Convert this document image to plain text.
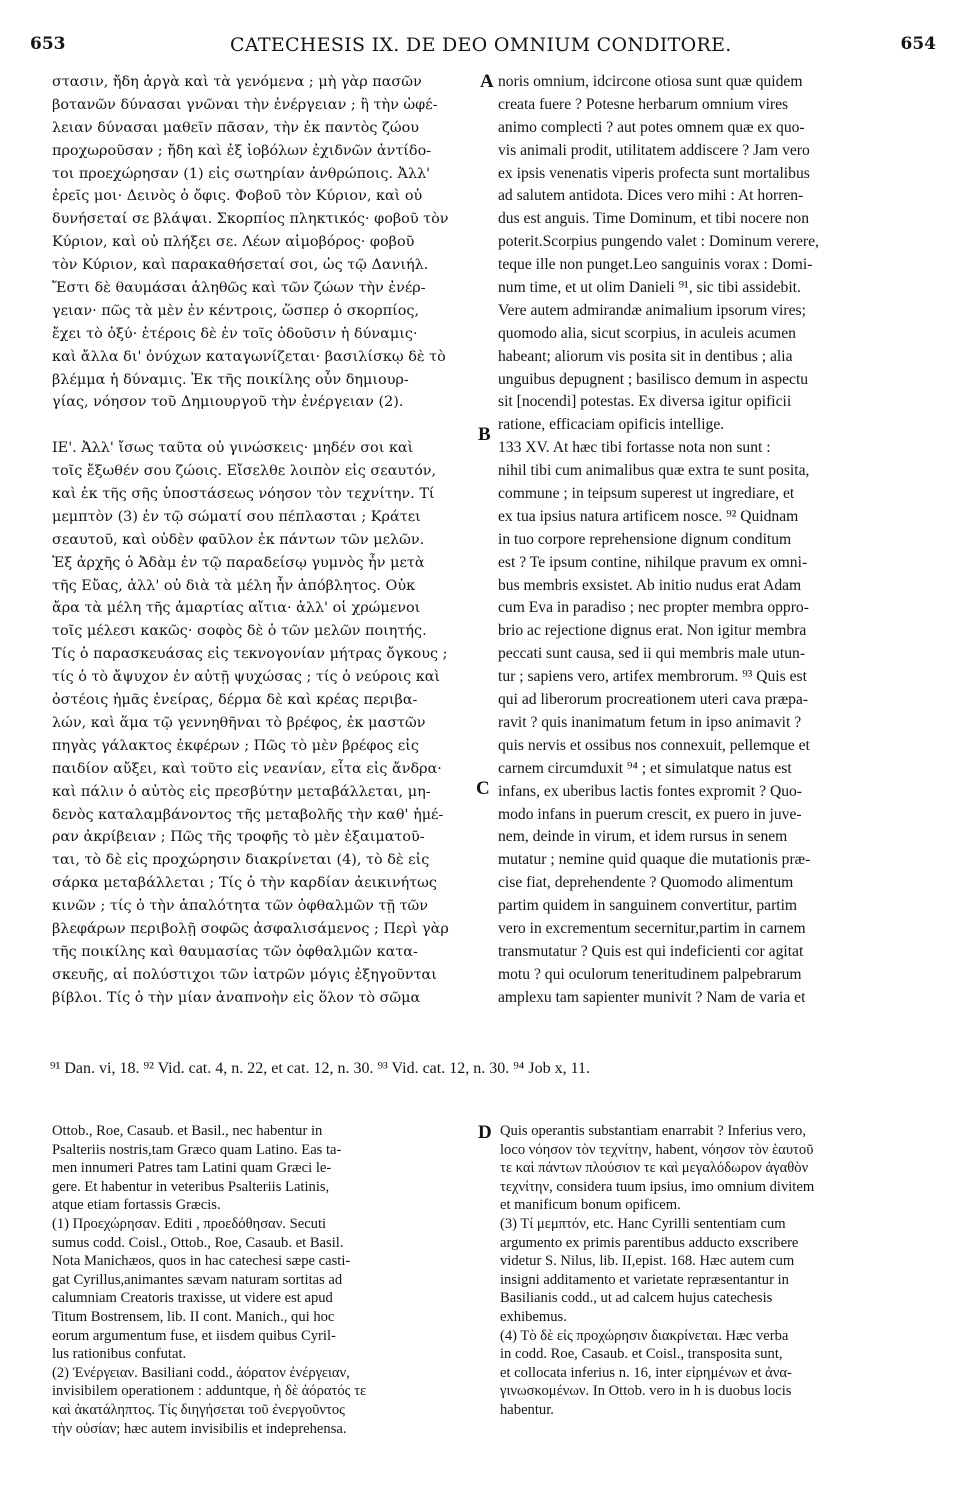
653	CATECHESIS IX. DE DEO OMNIUM CONDITORE.	654
στασιν, ἤδη ἀργὰ καὶ τὰ γενόμενα ; μὴ γὰρ πασῶν
βοτανῶν δύνασαι γνῶναι τὴν ἐνέργειαν ; ἢ τὴν ὠφέ-
λειαν δύνασαι μαθεῖν πᾶσαν, τὴν ἐκ παντὸς ζώου
προχωροῦσαν ; ἤδη καὶ ἐξ ἰοβόλων ἐχιδνῶν ἀντίδο-
τοι προεχώρησαν (1) εἰς σωτηρίαν ἀνθρώποις. Ἀλλ'
ἐρεῖς μοι· Δεινὸς ὁ ὄφις. Φοβοῦ τὸν Κύριον, καὶ οὐ
δυνήσεταί σε βλάψαι. Σκορπίος πληκτικός· φοβοῦ τὸν
Κύριον, καὶ οὐ πλήξει σε. Λέων αἱμοβόρος· φοβοῦ
τὸν Κύριον, καὶ παρακαθήσεταί σοι, ὡς τῷ Δανιήλ.
Ἔστι δὲ θαυμάσαι ἀληθῶς καὶ τῶν ζώων τὴν ἐνέρ-
γειαν· πῶς τὰ μὲν ἐν κέντροις, ὥσπερ ὁ σκορπίος,
ἔχει τὸ ὀξύ· ἑτέροις δὲ ἐν τοῖς ὀδοῦσιν ἡ δύναμις·
καὶ ἄλλα δι' ὀνύχων καταγωνίζεται· βασιλίσκῳ δὲ τὸ
βλέμμα ἡ δύναμις. Ἐκ τῆς ποικίλης οὖν δημιουρ-
γίας, νόησον τοῦ Δημιουργοῦ τὴν ἐνέργειαν (2).
ΙΕ'. Ἀλλ' ἴσως ταῦτα οὐ γινώσκεις· μηδέν σοι καὶ
τοῖς ἔξωθέν σου ζώοις. Εἴσελθε λοιπὸν εἰς σεαυτόν,
καὶ ἐκ τῆς σῆς ὑποστάσεως νόησον τὸν τεχνίτην. Τί
μεμπτὸν (3) ἐν τῷ σώματί σου πέπλασται ; Κράτει
σεαυτοῦ, καὶ οὐδὲν φαῦλον ἐκ πάντων τῶν μελῶν.
Ἐξ ἀρχῆς ὁ Ἀδὰμ ἐν τῷ παραδείσῳ γυμνὸς ἦν μετὰ
τῆς Εὔας, ἀλλ' οὐ διὰ τὰ μέλη ἦν ἀπόβλητος. Οὐκ
ἄρα τὰ μέλη τῆς ἁμαρτίας αἴτια· ἀλλ' οἱ χρώμενοι
τοῖς μέλεσι κακῶς· σοφὸς δὲ ὁ τῶν μελῶν ποιητής.
Τίς ὁ παρασκευάσας εἰς τεκνογονίαν μήτρας ὄγκους ;
τίς ὁ τὸ ἄψυχον ἐν αὐτῇ ψυχώσας ; τίς ὁ νεύροις καὶ
ὀστέοις ἡμᾶς ἐνείρας, δέρμα δὲ καὶ κρέας περιβα-
λών, καὶ ἅμα τῷ γεννηθῆναι τὸ βρέφος, ἐκ μαστῶν
πηγὰς γάλακτος ἐκφέρων ; Πῶς τὸ μὲν βρέφος εἰς
παιδίον αὔξει, καὶ τοῦτο εἰς νεανίαν, εἶτα εἰς ἄνδρα·
καὶ πάλιν ὁ αὐτὸς εἰς πρεσβύτην μεταβάλλεται, μη-
δενὸς καταλαμβάνοντος τῆς μεταβολῆς τὴν καθ' ἡμέ-
ραν ἀκρίβειαν ; Πῶς τῆς τροφῆς τὸ μὲν ἐξαιματοῦ-
ται, τὸ δὲ εἰς προχώρησιν διακρίνεται (4), τὸ δὲ εἰς
σάρκα μεταβάλλεται ; Τίς ὁ τὴν καρδίαν ἀεικινήτως
κινῶν ; τίς ὁ τὴν ἁπαλότητα τῶν ὀφθαλμῶν τῇ τῶν
βλεφάρων περιβολῇ σοφῶς ἀσφαλισάμενος ; Περὶ γὰρ
τῆς ποικίλης καὶ θαυμασίας τῶν ὀφθαλμῶν κατα-
σκευῆς, αἱ πολύστιχοι τῶν ἰατρῶν μόγις ἐξηγοῦνται
βίβλοι. Τίς ὁ τὴν μίαν ἀναπνοὴν εἰς ὅλον τὸ σῶμα
noris omnium, idcircone otiosa sunt quæ quidem
creata fuere ? Potesne herbarum omnium vires
animo complecti ? aut potes omnem quæ ex quo-
vis animali prodit, utilitatem addiscere ? Jam vero
ex ipsis venenatis viperis profecta sunt mortalibus
ad salutem antidota. Dices vero mihi : At horren-
dus est anguis. Time Dominum, et tibi nocere non
poterit.Scorpius pungendo valet : Dominum verere,
teque ille non punget.Leo sanguinis vorax : Domi-
num time, et ut olim Danieli ⁹¹, sic tibi assidebit.
Vere autem admirandæ animalium ipsorum vires;
quomodo alia, sicut scorpius, in aculeis acumen
habeant; aliorum vis posita sit in dentibus ; alia
unguibus depugnent ; basilisco demum in aspectu
sit [nocendi] potestas. Ex diversa igitur opificii
ratione, efficaciam opificis intellige.
133 XV. At hæc tibi fortasse nota non sunt :
nihil tibi cum animalibus quæ extra te sunt posita,
commune ; in teipsum superest ut ingrediare, et
ex tua ipsius natura artificem nosce. ⁹² Quidnam
in tuo corpore reprehensione dignum conditum
est ? Te ipsum contine, nihilque pravum ex omni-
bus membris exsistet. Ab initio nudus erat Adam
cum Eva in paradiso ; nec propter membra oppro-
brio ac rejectione dignus erat. Non igitur membra
peccati sunt causa, sed ii qui membris male utun-
tur ; sapiens vero, artifex membrorum. ⁹³ Quis est
qui ad liberorum procreationem uteri cava præpa-
ravit ? quis inanimatum fetum in ipso animavit ?
quis nervis et ossibus nos connexuit, pellemque et
carnem circumduxit ⁹⁴ ; et simulatque natus est
infans, ex uberibus lactis fontes expromit ? Quo-
modo infans in puerum crescit, ex puero in juve-
nem, deinde in virum, et idem rursus in senem
mutatur ; nemine quid quaque die mutationis præ-
cise fiat, deprehendente ? Quomodo alimentum
partim quidem in sanguinem convertitur, partim
vero in excrementum secernitur,partim in carnem
transmutatur ? Quis est qui indeficienti cor agitat
motu ? qui oculorum teneritudinem palpebrarum
amplexu tam sapienter munivit ? Nam de varia et
A
B
C
D
⁹¹ Dan. vi, 18. ⁹² Vid. cat. 4, n. 22, et cat. 12, n. 30. ⁹³ Vid. cat. 12, n. 30. ⁹⁴ Job x, 11.
Ottob., Roe, Casaub. et Basil., nec habentur in
Psalteriis nostris,tam Græco quam Latino. Eas ta-
men innumeri Patres tam Latini quam Græci le-
gere. Et habentur in veteribus Psalteriis Latinis,
atque etiam fortassis Græcis.
(1) Προεχώρησαν. Editi , προεδόθησαν. Secuti
sumus codd. Coisl., Ottob., Roe, Casaub. et Basil.
Nota Manichæos, quos in hac catechesi sæpe casti-
gat Cyrillus,animantes sævam naturam sortitas ad
calumniam Creatoris traxisse, ut videre est apud
Titum Bostrensem, lib. II cont. Manich., qui hoc
eorum argumentum fuse, et iisdem quibus Cyril-
lus rationibus confutat.
(2) Ἐνέργειαν. Basiliani codd., ἀόρατον ἐνέργειαν,
invisibilem operationem : adduntque, ἡ δὲ ἀόρατός τε
καὶ ἀκατάληπτος. Τίς διηγήσεται τοῦ ἐνεργοῦντος
τὴν οὐσίαν; hæc autem invisibilis et indeprehensa.
Quis operantis substantiam enarrabit ? Inferius vero,
loco νόησον τὸν τεχνίτην, habent, νόησον τὸν ἑαυτοῦ
τε καὶ πάντων πλούσιον τε καὶ μεγαλόδωρον ἀγαθὸν
τεχνίτην, considera tuum ipsius, imo omnium divitem
et manificum bonum opificem.
(3) Τί μεμπτόν, etc. Hanc Cyrilli sententiam cum
argumento ex primis parentibus adducto exscribere
videtur S. Nilus, lib. II,epist. 168. Hæc autem cum
insigni additamento et varietate repræsentantur in
Basilianis codd., ut ad calcem hujus catechesis
exhibemus.
(4) Τὸ δὲ εἰς προχώρησιν διακρίνεται. Hæc verba
in codd. Roe, Casaub. et Coisl., transposita sunt,
et collocata inferius n. 16, inter εἰρημένων et ἀνα-
γινωσκομένων. In Ottob. vero in h is duobus locis
habentur.
